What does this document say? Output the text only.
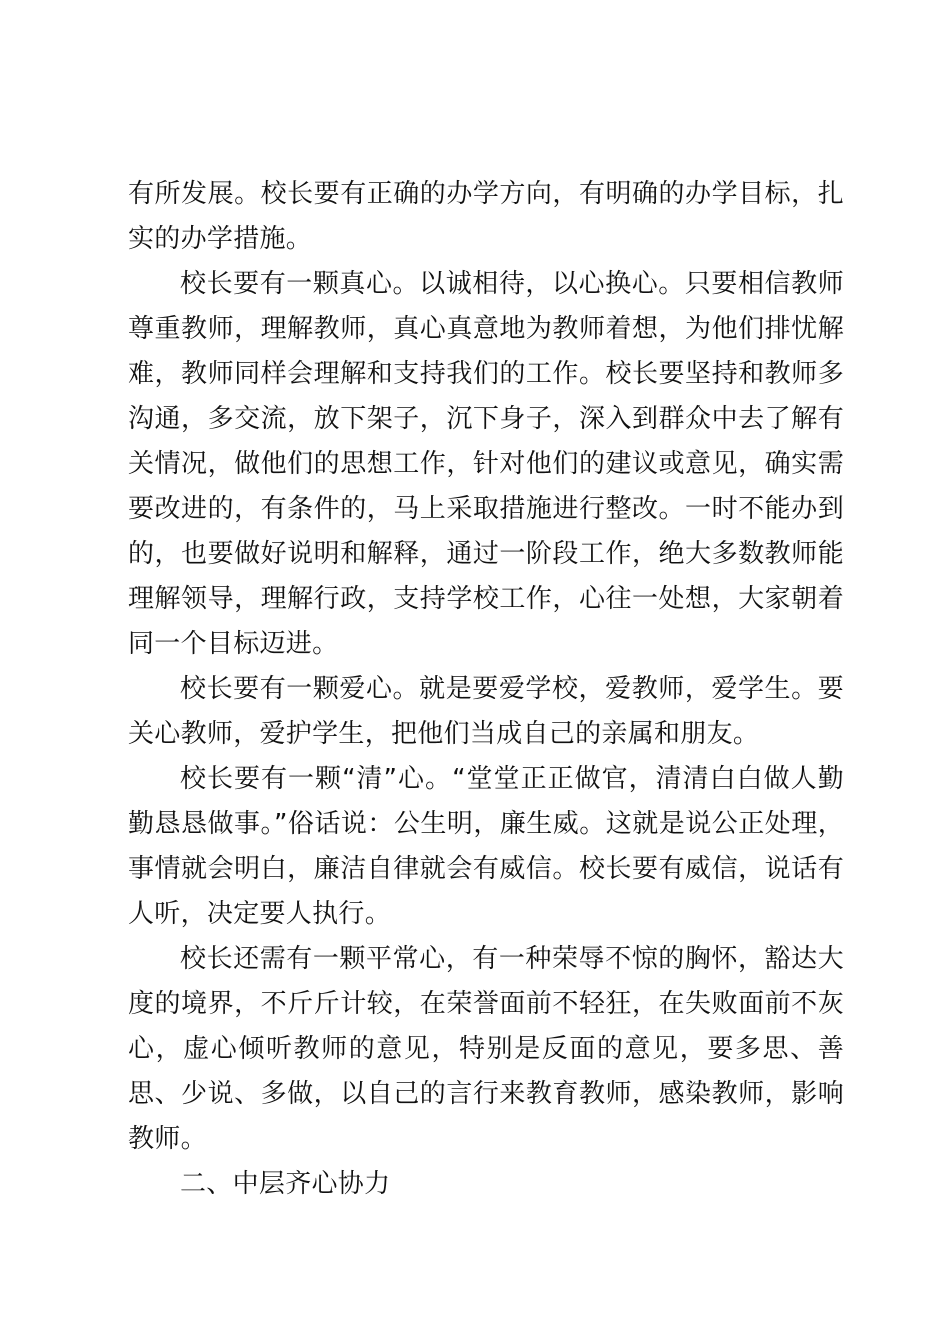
有所发展。校长要有正确的办学方向，有明确的办学目标，扎实的办学措施。

校长要有一颗真心。以诚相待，以心换心。只要相信教师尊重教师，理解教师，真心真意地为教师着想，为他们排忧解难，教师同样会理解和支持我们的工作。校长要坚持和教师多沟通，多交流，放下架子，沉下身子，深入到群众中去了解有关情况，做他们的思想工作，针对他们的建议或意见，确实需要改进的，有条件的，马上采取措施进行整改。一时不能办到的，也要做好说明和解释，通过一阶段工作，绝大多数教师能理解领导，理解行政，支持学校工作，心往一处想，大家朝着同一个目标迈进。

校长要有一颗爱心。就是要爱学校，爱教师，爱学生。要关心教师，爱护学生，把他们当成自己的亲属和朋友。

校长要有一颗“清”心。“堂堂正正做官，清清白白做人勤勤恳恳做事。”俗话说：公生明，廉生威。这就是说公正处理，事情就会明白，廉洁自律就会有威信。校长要有威信，说话有人听，决定要人执行。

校长还需有一颗平常心，有一种荣辱不惊的胸怀，豁达大度的境界，不斤斤计较，在荣誉面前不轻狂，在失败面前不灰心，虚心倾听教师的意见，特别是反面的意见，要多思、善思、少说、多做，以自己的言行来教育教师，感染教师，影响教师。

二、中层齐心协力
